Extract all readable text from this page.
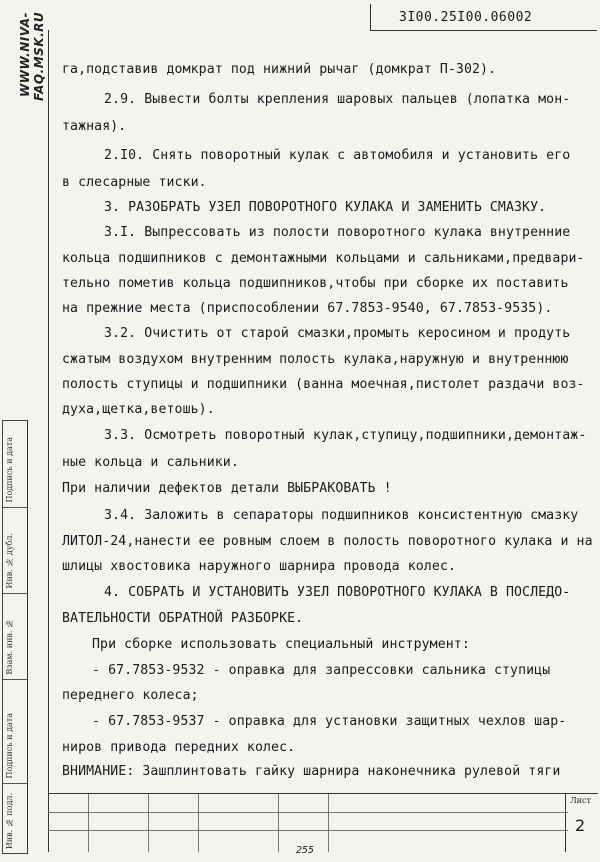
3I00.25I00.06002
WWW.NIVA-FAQ.MSK.RU
Подпись и дата
Инв. № дубл.
Взам. инв. №
Подпись и дата
Инв. № подл.
га,подставив домкрат под нижний рычаг (домкрат П-302).
2.9. Вывести болты крепления шаровых пальцев (лопатка мон-
тажная).
2.I0. Снять поворотный кулак с автомобиля и установить его
в слесарные тиски.
3. РАЗОБРАТЬ УЗЕЛ ПОВОРОТНОГО КУЛАКА И ЗАМЕНИТЬ СМАЗКУ.
3.I. Выпрессовать из полости поворотного кулака внутренние
кольца подшипников с демонтажными кольцами и сальниками,предвари-
тельно пометив кольца подшипников,чтобы при сборке их поставить
на прежние места (приспособлении 67.7853-9540, 67.7853-9535).
3.2. Очистить от старой смазки,промыть керосином и продуть
сжатым воздухом внутренним полость кулака,наружную и внутреннюю
полость ступицы и подшипники (ванна моечная,пистолет раздачи воз-
духа,щетка,ветошь).
3.3. Осмотреть поворотный кулак,ступицу,подшипники,демонтаж-
ные кольца и сальники.
При наличии дефектов детали ВЫБРАКОВАТЬ !
3.4. Заложить в сепараторы подшипников консистентную смазку
ЛИТОЛ-24,нанести ее ровным слоем в полость поворотного кулака и на
шлицы хвостовика наружного шарнира провода колес.
4. СОБРАТЬ И УСТАНОВИТЬ УЗЕЛ ПОВОРОТНОГО КУЛАКА В ПОСЛЕДО-
ВАТЕЛЬНОСТИ ОБРАТНОЙ РАЗБОРКЕ.
При сборке использовать специальный инструмент:
- 67.7853-9532 - оправка для запрессовки сальника ступицы
переднего колеса;
- 67.7853-9537 - оправка для установки защитных чехлов шар-
ниров привода передних колес.
ВНИМАНИЕ: Зашплинтовать гайку шарнира наконечника рулевой тяги
Лист
2
255
